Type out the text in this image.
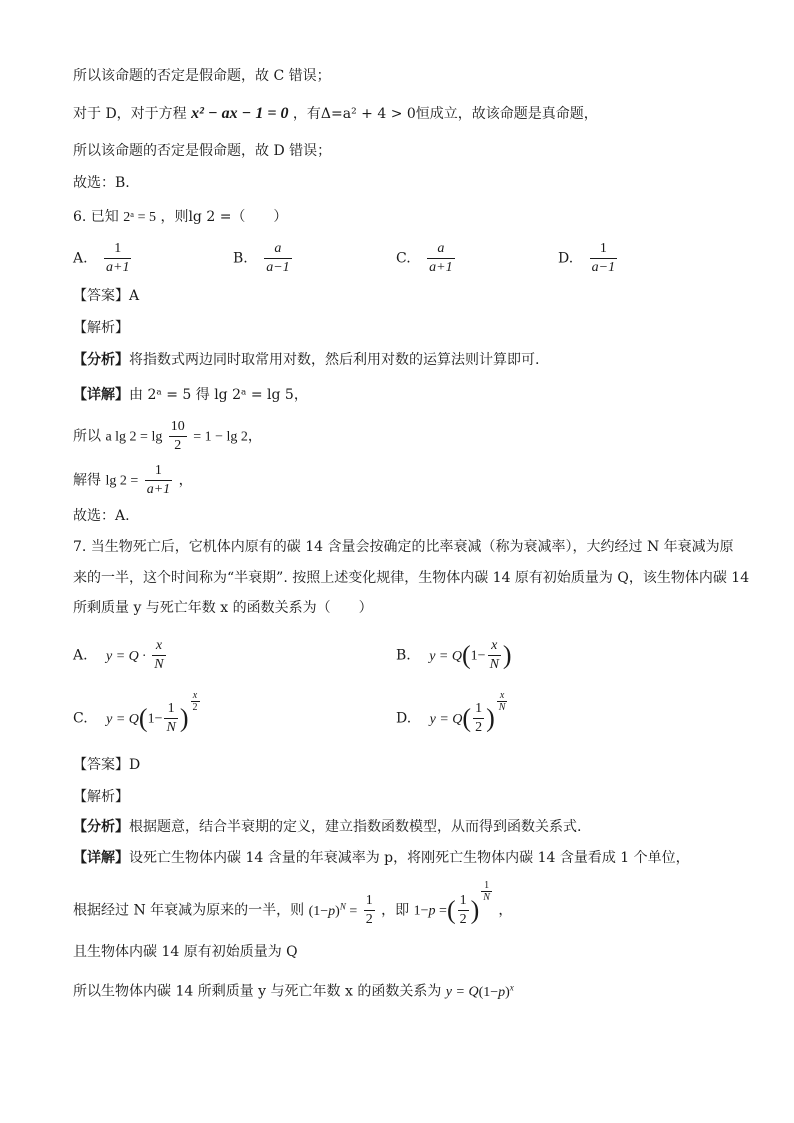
所以该命题的否定是假命题，故 C 错误；
对于 D，对于方程 x² − ax − 1 = 0 ，有Δ=a² + 4 > 0恒成立，故该命题是真命题，
所以该命题的否定是假命题，故 D 错误；
故选：B.
6. 已知 2ᵃ = 5 ，则lg 2 =（　　）
A. $\frac{1}{a+1}$	B. $\frac{a}{a-1}$	C. $\frac{a}{a+1}$	D. $\frac{1}{a-1}$
【答案】A
【解析】
【分析】将指数式两边同时取常用对数，然后利用对数的运算法则计算即可.
【详解】由 2ᵃ = 5 得 lg 2ᵃ = lg 5，
所以 a $\lg 2 = \lg \frac{10}{2} = 1 - \lg 2$，
解得 $\lg 2 = \frac{1}{a+1}$ ，
故选：A.
7. 当生物死亡后，它机体内原有的碳 14 含量会按确定的比率衰减（称为衰减率），大约经过 N 年衰减为原
来的一半，这个时间称为“半衰期”. 按照上述变化规律，生物体内碳 14 原有初始质量为 Q，该生物体内碳 14
所剩质量 y 与死亡年数 x 的函数关系为（　　）
A. $y = Q \cdot \frac{x}{N}$	B. $y = Q(1- \frac{x}{N}$ )
C. $y = Q(1- \frac{1}{N}$ )
$\frac{x}{2}$
D. $y = Q( \frac{1}{2}$ )
$\frac{x}{N}$
【答案】D
【解析】
【分析】根据题意，结合半衰期的定义，建立指数函数模型，从而得到函数关系式.
【详解】设死亡生物体内碳 14 含量的年衰减率为 p，将刚死亡生物体内碳 14 含量看成 1 个单位，
根据经过 N 年衰减为原来的一半，则 $(1-p)^N = \frac{1}{2}$ ，即 1−p =( $\frac{1}{2}$ )
$\frac{1}{N}$
，
且生物体内碳 14 原有初始质量为 Q
所以生物体内碳 14 所剩质量 y 与死亡年数 x 的函数关系为 $y = Q(1-p)^x$
